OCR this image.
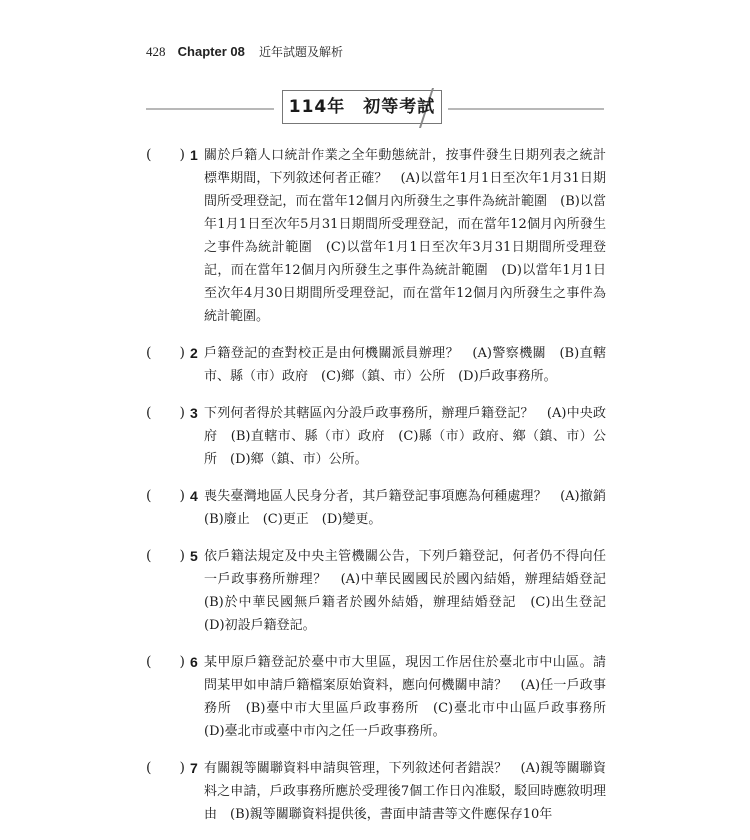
428 Chapter 08 近年試題及解析
114年　初等考試
(　　) 1 關於戶籍人口統計作業之全年動態統計，按事件發生日期列表之統計標準期間，下列敘述何者正確？　(A)以當年1月1日至次年1月31日期間所受理登記，而在當年12個月內所發生之事件為統計範圍　(B)以當年1月1日至次年5月31日期間所受理登記，而在當年12個月內所發生之事件為統計範圍　(C)以當年1月1日至次年3月31日期間所受理登記，而在當年12個月內所發生之事件為統計範圍　(D)以當年1月1日至次年4月30日期間所受理登記，而在當年12個月內所發生之事件為統計範圍。
(　　) 2 戶籍登記的查對校正是由何機關派員辦理？　(A)警察機關　(B)直轄市、縣（市）政府　(C)鄉（鎮、市）公所　(D)戶政事務所。
(　　) 3 下列何者得於其轄區內分設戶政事務所，辦理戶籍登記？　(A)中央政府　(B)直轄市、縣（市）政府　(C)縣（市）政府、鄉（鎮、市）公所　(D)鄉（鎮、市）公所。
(　　) 4 喪失臺灣地區人民身分者，其戶籍登記事項應為何種處理？　(A)撤銷　(B)廢止　(C)更正　(D)變更。
(　　) 5 依戶籍法規定及中央主管機關公告，下列戶籍登記，何者仍不得向任一戶政事務所辦理？　(A)中華民國國民於國內結婚，辦理結婚登記　(B)於中華民國無戶籍者於國外結婚，辦理結婚登記　(C)出生登記　(D)初設戶籍登記。
(　　) 6 某甲原戶籍登記於臺中市大里區，現因工作居住於臺北市中山區。請問某甲如申請戶籍檔案原始資料，應向何機關申請？　(A)任一戶政事務所　(B)臺中市大里區戶政事務所　(C)臺北市中山區戶政事務所　(D)臺北市或臺中市內之任一戶政事務所。
(　　) 7 有關親等關聯資料申請與管理，下列敘述何者錯誤？　(A)親等關聯資料之申請，戶政事務所應於受理後7個工作日內准駁，駁回時應敘明理由　(B)親等關聯資料提供後，書面申請書等文件應保存10年
